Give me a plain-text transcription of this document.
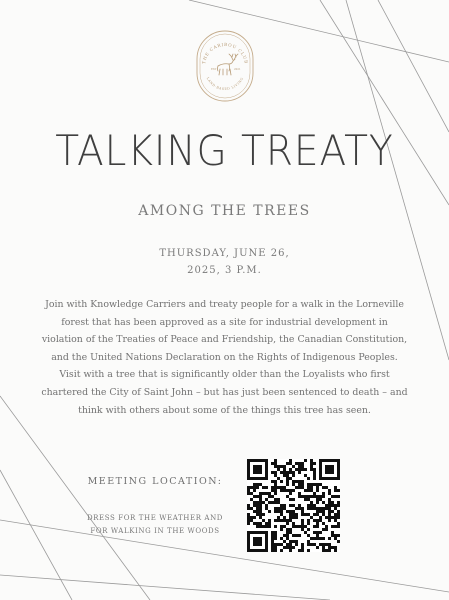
THE CARIBOU CLUB
LAND-BASED LIVING
EST	2021
TALKING TREATY
AMONG THE TREES
THURSDAY, JUNE 26,
2025, 3 P.M.
Join with Knowledge Carriers and treaty people for a walk in the Lorneville forest that has been approved as a site for industrial development in violation of the Treaties of Peace and Friendship, the Canadian Constitution, and the United Nations Declaration on the Rights of Indigenous Peoples. Visit with a tree that is significantly older than the Loyalists who first chartered the City of Saint John – but has just been sentenced to death – and think with others about some of the things this tree has seen.
MEETING LOCATION:
DRESS FOR THE WEATHER AND
FOR WALKING IN THE WOODS
